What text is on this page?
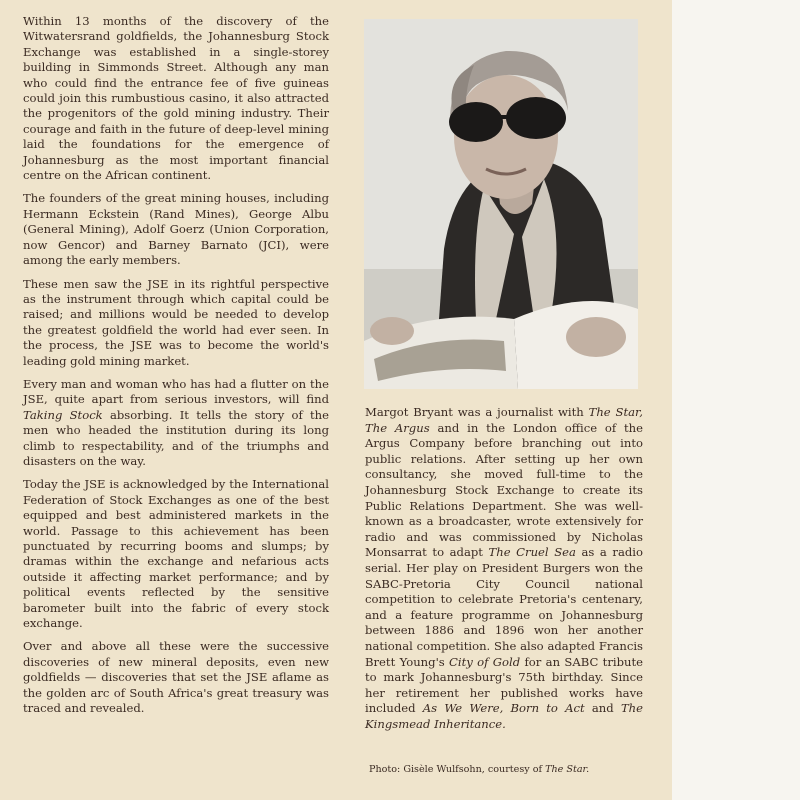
Within 13 months of the discovery of the Witwatersrand goldfields, the Johannesburg Stock Exchange was established in a single-storey building in Simmonds Street. Although any man who could find the entrance fee of five guineas could join this rumbustious casino, it also attracted the progenitors of the gold mining industry. Their courage and faith in the future of deep-level mining laid the foundations for the emergence of Johannesburg as the most important financial centre on the African continent.

The founders of the great mining houses, including Hermann Eckstein (Rand Mines), George Albu (General Mining), Adolf Goerz (Union Corporation, now Gencor) and Barney Barnato (JCI), were among the early members.

These men saw the JSE in its rightful perspective as the instrument through which capital could be raised; and millions would be needed to develop the greatest goldfield the world had ever seen. In the process, the JSE was to become the world's leading gold mining market.

Every man and woman who has had a flutter on the JSE, quite apart from serious investors, will find Taking Stock absorbing. It tells the story of the men who headed the institution during its long climb to respectability, and of the triumphs and disasters on the way.

Today the JSE is acknowledged by the International Federation of Stock Exchanges as one of the best equipped and best administered markets in the world. Passage to this achievement has been punctuated by recurring booms and slumps; by dramas within the exchange and nefarious acts outside it affecting market performance; and by political events reflected by the sensitive barometer built into the fabric of every stock exchange.

Over and above all these were the successive discoveries of new mineral deposits, even new goldfields — discoveries that set the JSE aflame as the golden arc of South Africa's great treasury was traced and revealed.

Margot Bryant was a journalist with The Star, The Argus and in the London office of the Argus Company before branching out into public relations. After setting up her own consultancy, she moved full-time to the Johannesburg Stock Exchange to create its Public Relations Department. She was well-known as a broadcaster, wrote extensively for radio and was commissioned by Nicholas Monsarrat to adapt The Cruel Sea as a radio serial. Her play on President Burgers won the SABC-Pretoria City Council national competition to celebrate Pretoria's centenary, and a feature programme on Johannesburg between 1886 and 1896 won her another national competition. She also adapted Francis Brett Young's City of Gold for an SABC tribute to mark Johannesburg's 75th birthday. Since her retirement her published works have included As We Were, Born to Act and The Kingsmead Inheritance.

Photo: Gisèle Wulfsohn, courtesy of The Star.
